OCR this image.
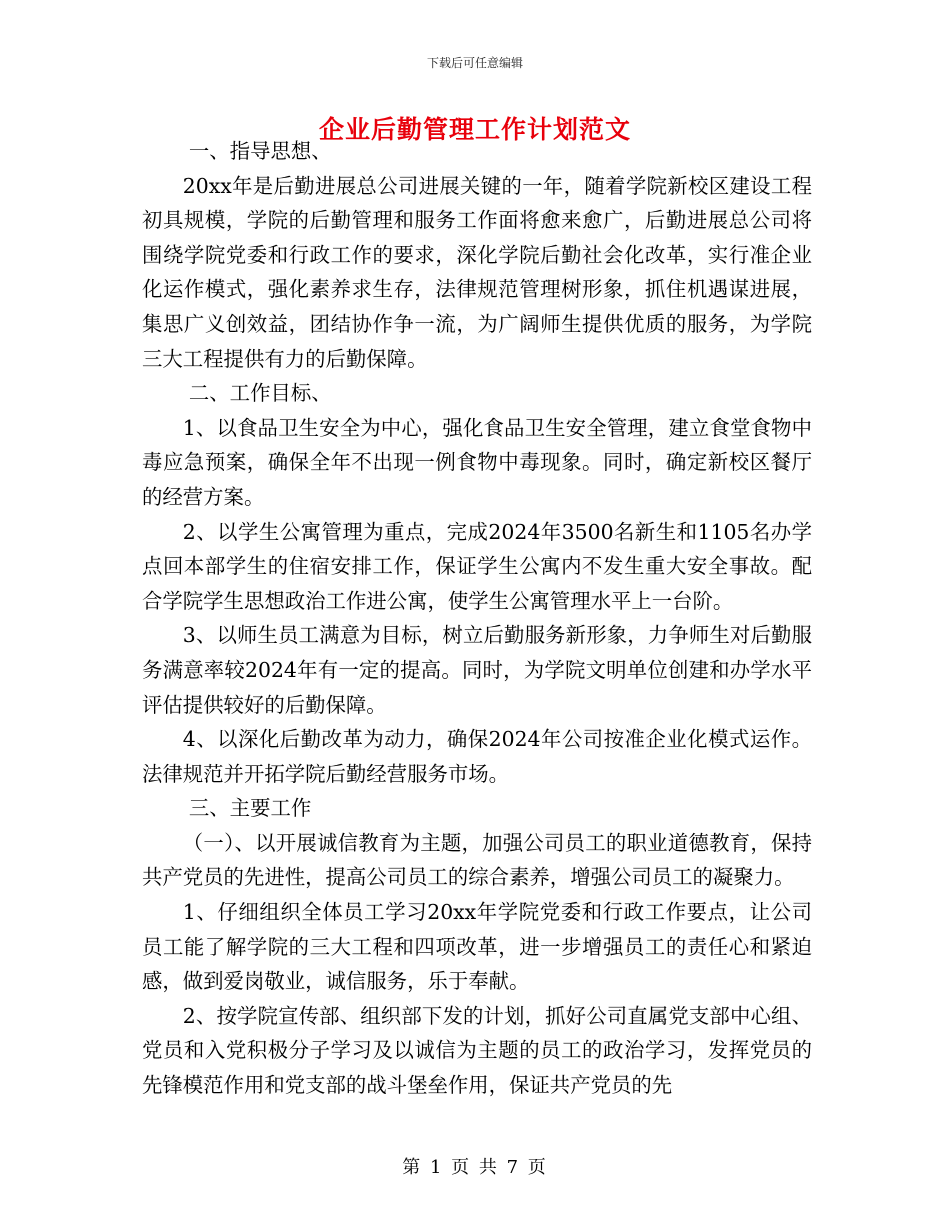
下载后可任意编辑
企业后勤管理工作计划范文

一、指导思想、

20xx年是后勤进展总公司进展关键的一年，随着学院新校区建设工程初具规模，学院的后勤管理和服务工作面将愈来愈广，后勤进展总公司将围绕学院党委和行政工作的要求，深化学院后勤社会化改革，实行准企业化运作模式，强化素养求生存，法律规范管理树形象，抓住机遇谋进展，集思广义创效益，团结协作争一流，为广阔师生提供优质的服务，为学院三大工程提供有力的后勤保障。

二、工作目标、

1、以食品卫生安全为中心，强化食品卫生安全管理，建立食堂食物中毒应急预案，确保全年不出现一例食物中毒现象。同时，确定新校区餐厅的经营方案。

2、以学生公寓管理为重点，完成2024年3500名新生和1105名办学点回本部学生的住宿安排工作，保证学生公寓内不发生重大安全事故。配合学院学生思想政治工作进公寓，使学生公寓管理水平上一台阶。

3、以师生员工满意为目标，树立后勤服务新形象，力争师生对后勤服务满意率较2024年有一定的提高。同时，为学院文明单位创建和办学水平评估提供较好的后勤保障。

4、以深化后勤改革为动力，确保2024年公司按准企业化模式运作。法律规范并开拓学院后勤经营服务市场。

三、主要工作

（一）、以开展诚信教育为主题，加强公司员工的职业道德教育，保持共产党员的先进性，提高公司员工的综合素养，增强公司员工的凝聚力。

1、仔细组织全体员工学习20xx年学院党委和行政工作要点，让公司员工能了解学院的三大工程和四项改革，进一步增强员工的责任心和紧迫感，做到爱岗敬业，诚信服务，乐于奉献。

2、按学院宣传部、组织部下发的计划，抓好公司直属党支部中心组、党员和入党积极分子学习及以诚信为主题的员工的政治学习，发挥党员的先锋模范作用和党支部的战斗堡垒作用，保证共产党员的先

第 1 页 共 7 页
